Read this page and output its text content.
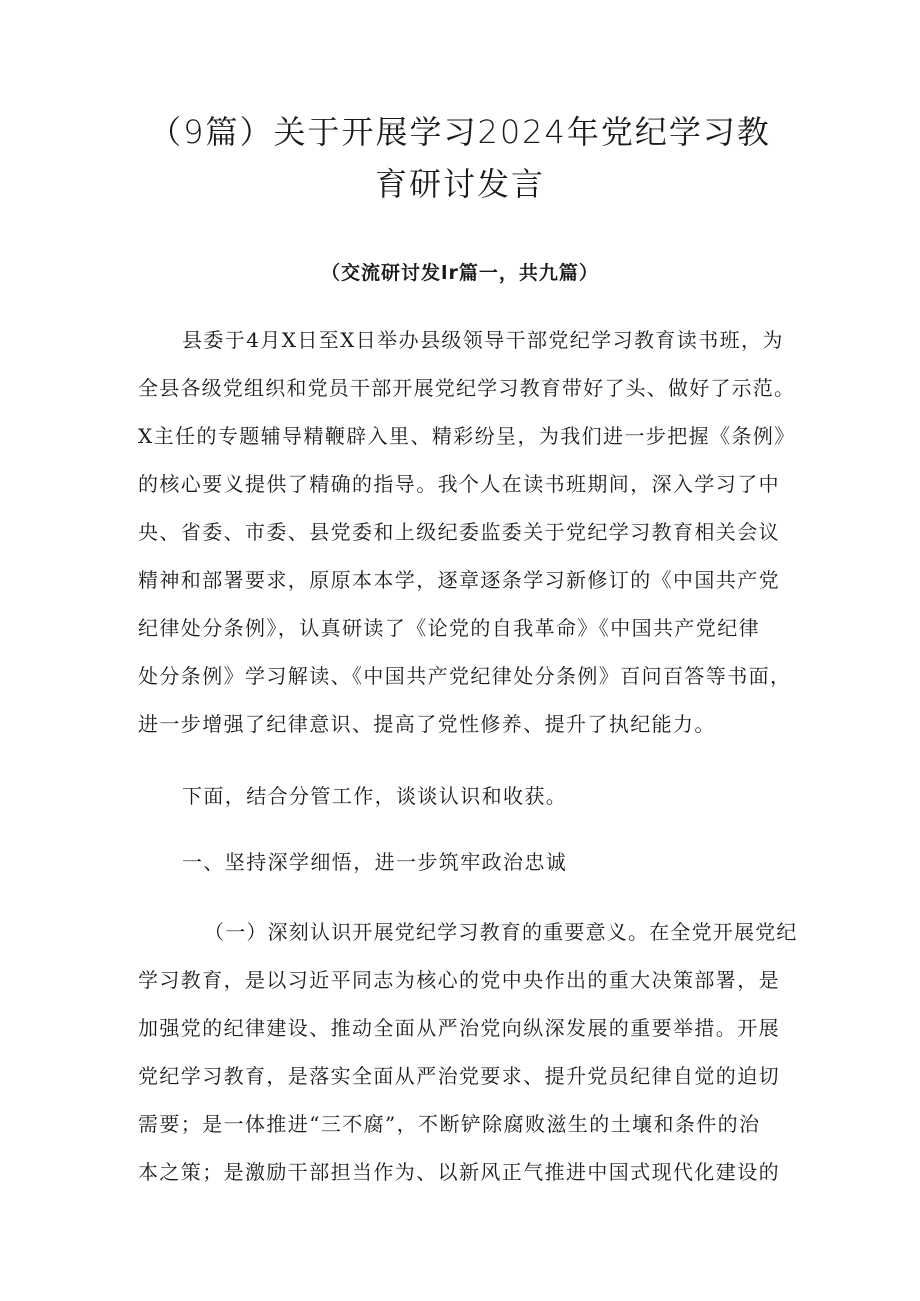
（9篇）关于开展学习2024年党纪学习教
育研讨发言
（交流研讨发lr篇一，共九篇）
县委于4月X日至X日举办县级领导干部党纪学习教育读书班，为
全县各级党组织和党员干部开展党纪学习教育带好了头、做好了示范。
X主任的专题辅导精鞭辟入里、精彩纷呈，为我们进一步把握《条例》
的核心要义提供了精确的指导。我个人在读书班期间，深入学习了中
央、省委、市委、县党委和上级纪委监委关于党纪学习教育相关会议
精神和部署要求，原原本本学，逐章逐条学习新修订的《中国共产党
纪律处分条例》，认真研读了《论党的自我革命》《中国共产党纪律
处分条例》学习解读、《中国共产党纪律处分条例》百问百答等书面，
进一步增强了纪律意识、提高了党性修养、提升了执纪能力。
下面，结合分管工作，谈谈认识和收获。
一、坚持深学细悟，进一步筑牢政治忠诚
（一）深刻认识开展党纪学习教育的重要意义。在全党开展党纪
学习教育，是以习近平同志为核心的党中央作出的重大决策部署，是
加强党的纪律建设、推动全面从严治党向纵深发展的重要举措。开展
党纪学习教育，是落实全面从严治党要求、提升党员纪律自觉的迫切
需要；是一体推进“三不腐”，不断铲除腐败滋生的土壤和条件的治
本之策；是激励干部担当作为、以新风正气推进中国式现代化建设的
